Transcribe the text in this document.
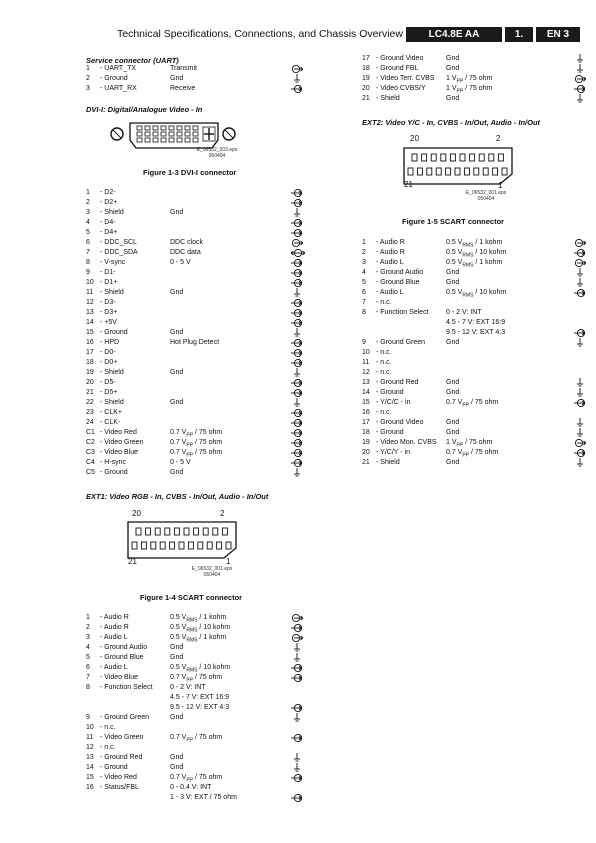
Technical Specifications, Connections, and Chassis Overview	LC4.8E AA	1.	EN 3
Service connector (UART)
1 - UART_TX	Transmit
2 - Ground	Gnd
3 - UART_RX	Receive
DVI-I: Digital/Analogue Video - In
E_06532_003.eps
050404
Figure 1-3 DVI-I connector
1 - D2-
2 - D2+
3 - Shield	Gnd
4 - D4-
5 - D4+
6 - DDC_SCL	DDC clock
7 - DDC_SDA	DDC data
8 - V-sync	0 - 5 V
9 - D1-
10 - D1+
11 - Shield	Gnd
12 - D3-
13 - D3+
14 - +5V
15 - Ground	Gnd
16 - HPD	Hot Plug Detect
17 - D0-
18 - D0+
19 - Shield	Gnd
20 - D5-
21 - D5+
22 - Shield	Gnd
23 - CLK+
24 - CLK-
C1 - Video Red	0.7 $V_{PP} / 75$ ohm
C2 - Video Green	0.7 $V_{PP} / 75$ ohm
C3 - Video Blue	0.7 $V_{PP} / 75$ ohm
C4 - H-sync	0 - 5 V
C5 - Ground	Gnd
EXT1: Video RGB - In, CVBS - In/Out, Audio - In/Out
20	2
21	1
E_06532_001.eps
050404
Figure 1-4 SCART connector
1 - Audio R	0.5 $V_{RMS} / 1$ kohm
2 - Audio R	0.5 $V_{RMS} / 10$ kohm
3 - Audio L	0.5 $V_{RMS} / 1$ kohm
4 - Ground Audio	Gnd
5 - Ground Blue	Gnd
6 - Audio L	0.5 $V_{RMS} / 10$ kohm
7 - Video Blue	0.7 $V_{PP} / 75$ ohm
8 - Function Select 0 - 2 V: INT
4.5 - 7 V: EXT 16:9
9.5 - 12 V: EXT 4:3
9 - Ground Green	Gnd
10 - n.c.
11 - Video Green	0.7 $V_{PP} / 75$ ohm
12 - n.c.
13 - Ground Red	Gnd
14 - Ground	Gnd
15 - Video Red	0.7 $V_{PP} / 75$ ohm
16 - Status/FBL	0 - 0.4 V: INT
1 - 3 V: EXT / 75 ohm
17 - Ground Video	Gnd
18 - Ground FBL	Gnd
19 - Video Terr. CVBS 1 $V_{PP} / 75$ ohm
20 - Video CVBS/Y	1 $V_{PP} / 75$ ohm
21 - Shield	Gnd
EXT2: Video Y/C - In, CVBS - In/Out, Audio - In/Out
20	2
21	1
E_06532_001.eps
050404
Figure 1-5 SCART connector
1 - Audio R	0.5 $V_{RMS} / 1$ kohm
2 - Audio R	0.5 $V_{RMS} / 10$ kohm
3 - Audio L	0.5 $V_{RMS} / 1$ kohm
4 - Ground Audio	Gnd
5 - Ground Blue	Gnd
6 - Audio L	0.5 $V_{RMS} / 10$ kohm
7 - n.c.
8 - Function Select 0 - 2 V: INT
4.5 - 7 V: EXT 16:9
9.5 - 12 V: EXT 4:3
9 - Ground Green	Gnd
10 - n.c.
11 - n.c.
12 - n.c.
13 - Ground Red	Gnd
14 - Ground	Gnd
15 - Y/C/C - in	0.7 $V_{PP} / 75$ ohm
16 - n.c.
17 - Ground Video	Gnd
18 - Ground	Gnd
19 - Video Mon. CVBS 1 $V_{PP} / 75$ ohm
20 - Y/C/Y - in	0.7 $V_{PP} / 75$ ohm
21 - Shield	Gnd
